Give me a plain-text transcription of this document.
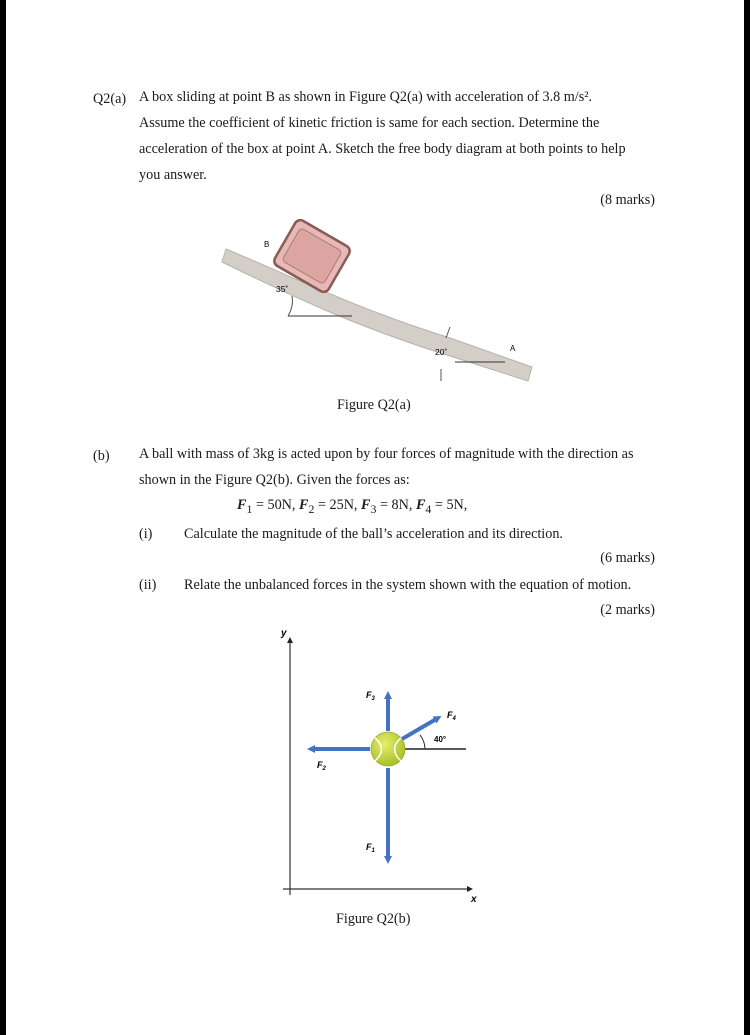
Q2(a) A box sliding at point B as shown in Figure Q2(a) with acceleration of 3.8 m/s².
Assume the coefficient of kinetic friction is same for each section. Determine the
acceleration of the box at point A. Sketch the free body diagram at both points to help
you answer.
(8 marks)
B
35˚
20˚	A
Figure Q2(a)
(b) A ball with mass of 3kg is acted upon by four forces of magnitude with the direction as
shown in the Figure Q2(b). Given the forces as:
$F_1 = 50N$, $F_2 = 25N$, $F_3 = 8N$, $F_4 = 5N$,
(i) Calculate the magnitude of the ball’s acceleration and its direction.
(6 marks)
(ii) Relate the unbalanced forces in the system shown with the equation of motion.
(2 marks)
y
x
$F_3$
$F_4$
40°
$F_2$
$F_1$
Figure Q2(b)
